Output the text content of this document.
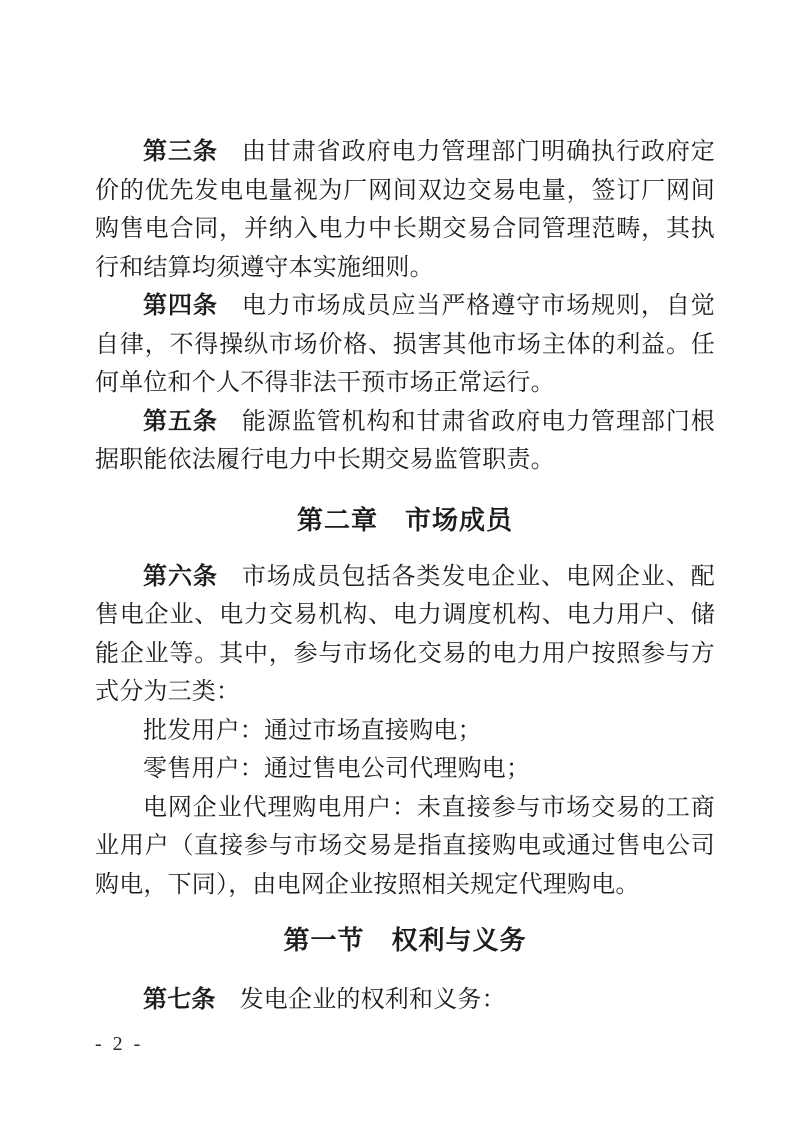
第三条 由甘肃省政府电力管理部门明确执行政府定价的优先发电电量视为厂网间双边交易电量，签订厂网间购售电合同，并纳入电力中长期交易合同管理范畴，其执行和结算均须遵守本实施细则。

第四条 电力市场成员应当严格遵守市场规则，自觉自律，不得操纵市场价格、损害其他市场主体的利益。任何单位和个人不得非法干预市场正常运行。

第五条 能源监管机构和甘肃省政府电力管理部门根据职能依法履行电力中长期交易监管职责。

第二章　市场成员

第六条 市场成员包括各类发电企业、电网企业、配售电企业、电力交易机构、电力调度机构、电力用户、储能企业等。其中，参与市场化交易的电力用户按照参与方式分为三类：

批发用户：通过市场直接购电；

零售用户：通过售电公司代理购电；

电网企业代理购电用户：未直接参与市场交易的工商业用户（直接参与市场交易是指直接购电或通过售电公司购电，下同），由电网企业按照相关规定代理购电。

第一节　权利与义务

第七条 发电企业的权利和义务：

- 2 -
